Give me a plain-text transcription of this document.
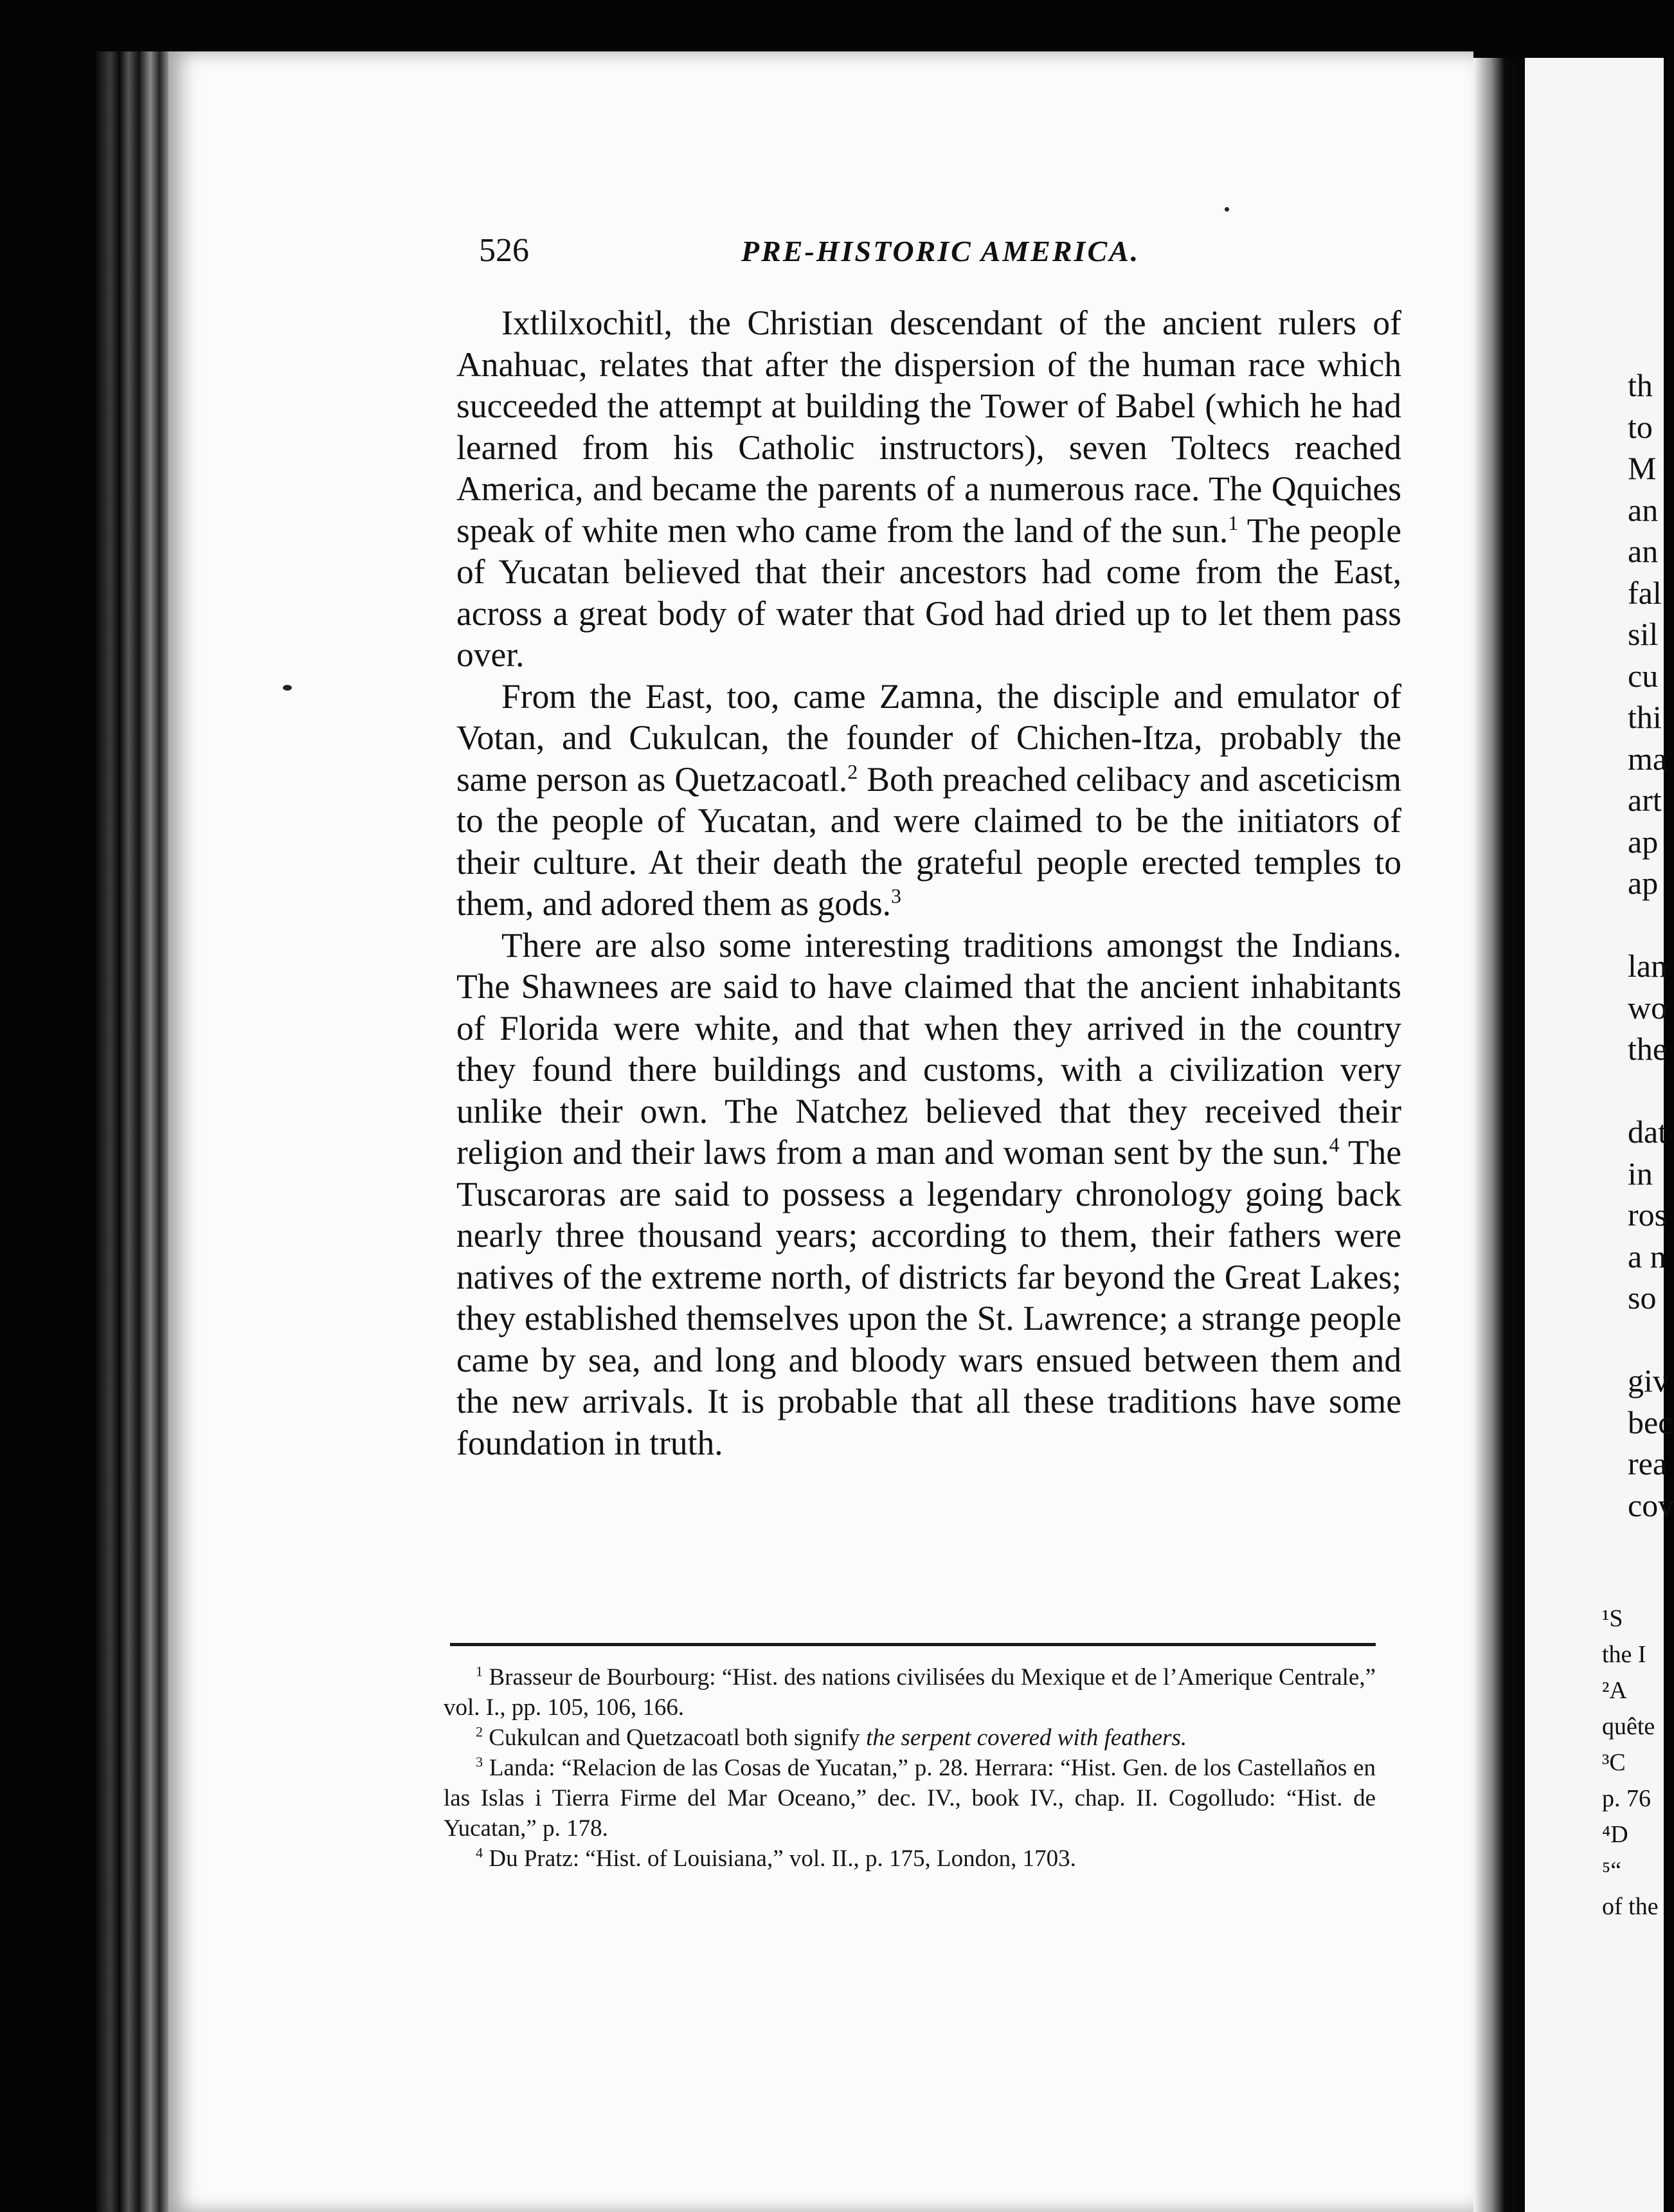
th
to
M
an
an
fal
sil
cu
thi
ma
art
ap
ap
lan
wo
the
dat
in
ros
a n
so
giv
bec
rea
cov
¹S
the I
²A
quête
³C
p. 76
⁴D
⁵“
of the
526	PRE-HISTORIC AMERICA.

Ixtlilxochitl, the Christian descendant of the ancient rulers of Anahuac, relates that after the dispersion of the human race which succeeded the attempt at building the Tower of Babel (which he had learned from his Catholic instructors), seven Toltecs reached America, and became the parents of a numerous race. The Qquiches speak of white men who came from the land of the sun.$^1$ The people of Yucatan believed that their ancestors had come from the East, across a great body of water that God had dried up to let them pass over.

From the East, too, came Zamna, the disciple and emulator of Votan, and Cukulcan, the founder of Chichen-Itza, probably the same person as Quetzacoatl.$^2$ Both preached celibacy and asceticism to the people of Yucatan, and were claimed to be the initiators of their culture. At their death the grateful people erected temples to them, and adored them as gods.$^3$

There are also some interesting traditions amongst the Indians. The Shawnees are said to have claimed that the ancient inhabitants of Florida were white, and that when they arrived in the country they found there buildings and customs, with a civilization very unlike their own. The Natchez believed that they received their religion and their laws from a man and woman sent by the sun.$^4$ The Tuscaroras are said to possess a legendary chronology going back nearly three thousand years; according to them, their fathers were natives of the extreme north, of districts far beyond the Great Lakes; they established themselves upon the St. Lawrence; a strange people came by sea, and long and bloody wars ensued between them and the new arrivals. It is probable that all these traditions have some foundation in truth.

$^1$ Brasseur de Bourbourg: “Hist. des nations civilisées du Mexique et de l’Amerique Centrale,” vol. I., pp. 105, 106, 166.

$^2$ Cukulcan and Quetzacoatl both signify the serpent covered with feathers.

$^3$ Landa: “Relacion de las Cosas de Yucatan,” p. 28. Herrara: “Hist. Gen. de los Castellaños en las Islas i Tierra Firme del Mar Oceano,” dec. IV., book IV., chap. II. Cogolludo: “Hist. de Yucatan,” p. 178.

$^4$ Du Pratz: “Hist. of Louisiana,” vol. II., p. 175, London, 1703.
